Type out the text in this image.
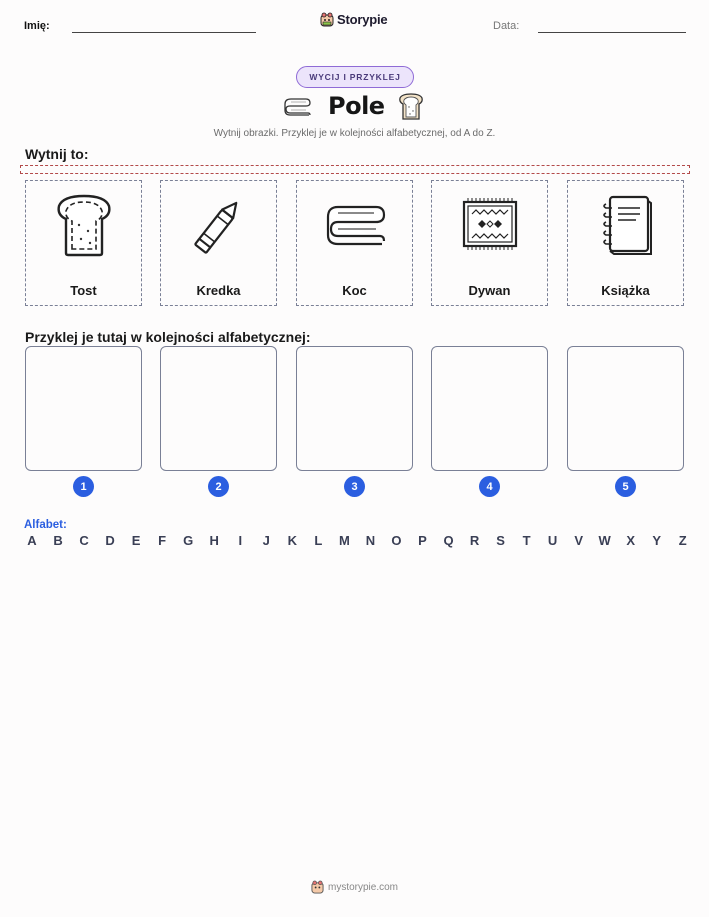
Imię:	Storypie	Data:
WYCIJ I PRZYKLEJ
Pole
Wytnij obrazki. Przyklej je w kolejności alfabetycznej, od A do Z.
Wytnij to:
Tost	Kredka	Koc	Dywan	Książka
Przyklej je tutaj w kolejności alfabetycznej:
1	2	3	4	5
Alfabet:
A B C D E F G H	I	J K L M N O P Q R S T U V W X Y Z
mystorypie.com
